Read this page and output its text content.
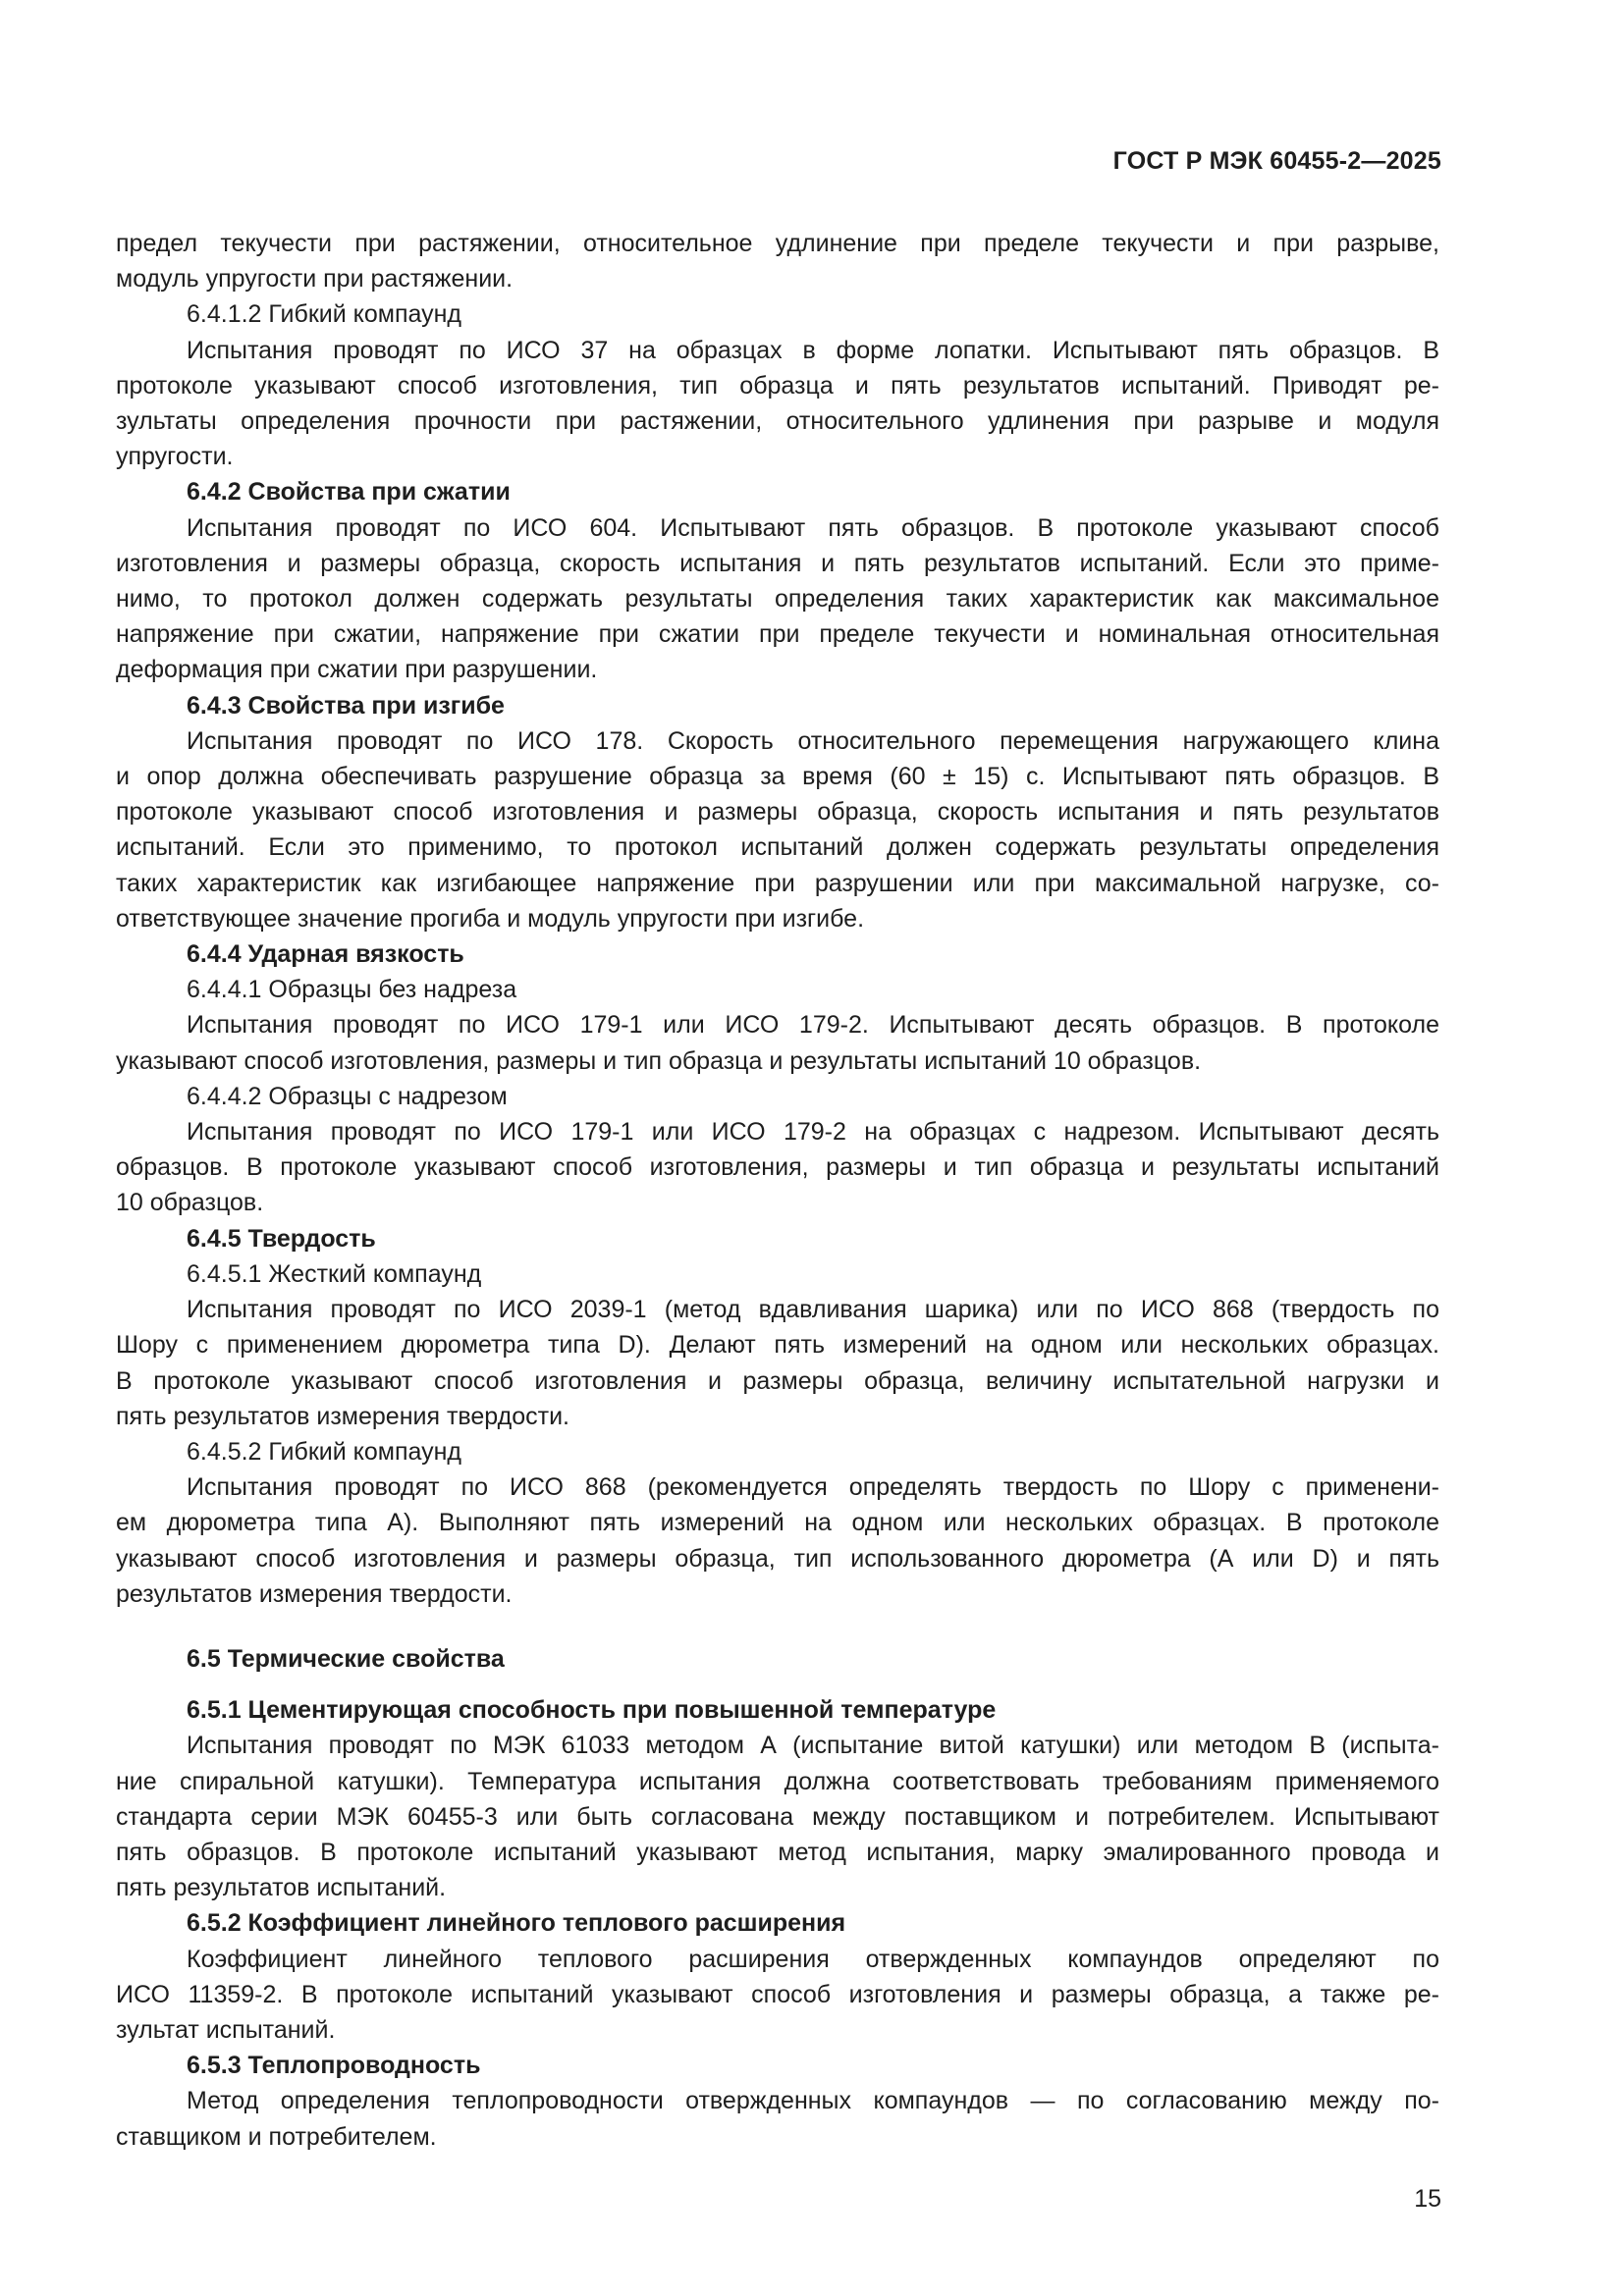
ГОСТ Р МЭК 60455-2—2025

предел текучести при растяжении, относительное удлинение при пределе текучести и при разрыве,

модуль упругости при растяжении.

6.4.1.2 Гибкий компаунд

Испытания проводят по ИСО 37 на образцах в форме лопатки. Испытывают пять образцов. В

протоколе указывают способ изготовления, тип образца и пять результатов испытаний. Приводят ре-

зультаты определения прочности при растяжении, относительного удлинения при разрыве и модуля

упругости.

6.4.2 Свойства при сжатии

Испытания проводят по ИСО 604. Испытывают пять образцов. В протоколе указывают способ

изготовления и размеры образца, скорость испытания и пять результатов испытаний. Если это приме-

нимо, то протокол должен содержать результаты определения таких характеристик как максимальное

напряжение при сжатии, напряжение при сжатии при пределе текучести и номинальная относительная

деформация при сжатии при разрушении.

6.4.3 Свойства при изгибе

Испытания проводят по ИСО 178. Скорость относительного перемещения нагружающего клина

и опор должна обеспечивать разрушение образца за время (60 ± 15) с. Испытывают пять образцов. В

протоколе указывают способ изготовления и размеры образца, скорость испытания и пять результатов

испытаний. Если это применимо, то протокол испытаний должен содержать результаты определения

таких характеристик как изгибающее напряжение при разрушении или при максимальной нагрузке, со-

ответствующее значение прогиба и модуль упругости при изгибе.

6.4.4 Ударная вязкость

6.4.4.1 Образцы без надреза

Испытания проводят по ИСО 179-1 или ИСО 179-2. Испытывают десять образцов. В протоколе

указывают способ изготовления, размеры и тип образца и результаты испытаний 10 образцов.

6.4.4.2 Образцы с надрезом

Испытания проводят по ИСО 179-1 или ИСО 179-2 на образцах с надрезом. Испытывают десять

образцов. В протоколе указывают способ изготовления, размеры и тип образца и результаты испытаний

10 образцов.

6.4.5 Твердость

6.4.5.1 Жесткий компаунд

Испытания проводят по ИСО 2039-1 (метод вдавливания шарика) или по ИСО 868 (твердость по

Шору с применением дюрометра типа D). Делают пять измерений на одном или нескольких образцах.

В протоколе указывают способ изготовления и размеры образца, величину испытательной нагрузки и

пять результатов измерения твердости.

6.4.5.2 Гибкий компаунд

Испытания проводят по ИСО 868 (рекомендуется определять твердость по Шору с применени-

ем дюрометра типа А). Выполняют пять измерений на одном или нескольких образцах. В протоколе

указывают способ изготовления и размеры образца, тип использованного дюрометра (А или D) и пять

результатов измерения твердости.

6.5 Термические свойства

6.5.1 Цементирующая способность при повышенной температуре

Испытания проводят по МЭК 61033 методом А (испытание витой катушки) или методом В (испыта-

ние спиральной катушки). Температура испытания должна соответствовать требованиям применяемого

стандарта серии МЭК 60455-3 или быть согласована между поставщиком и потребителем. Испытывают

пять образцов. В протоколе испытаний указывают метод испытания, марку эмалированного провода и

пять результатов испытаний.

6.5.2 Коэффициент линейного теплового расширения

Коэффициент линейного теплового расширения отвержденных компаундов определяют по

ИСО 11359-2. В протоколе испытаний указывают способ изготовления и размеры образца, а также ре-

зультат испытаний.

6.5.3 Теплопроводность

Метод определения теплопроводности отвержденных компаундов — по согласованию между по-

ставщиком и потребителем.

15
